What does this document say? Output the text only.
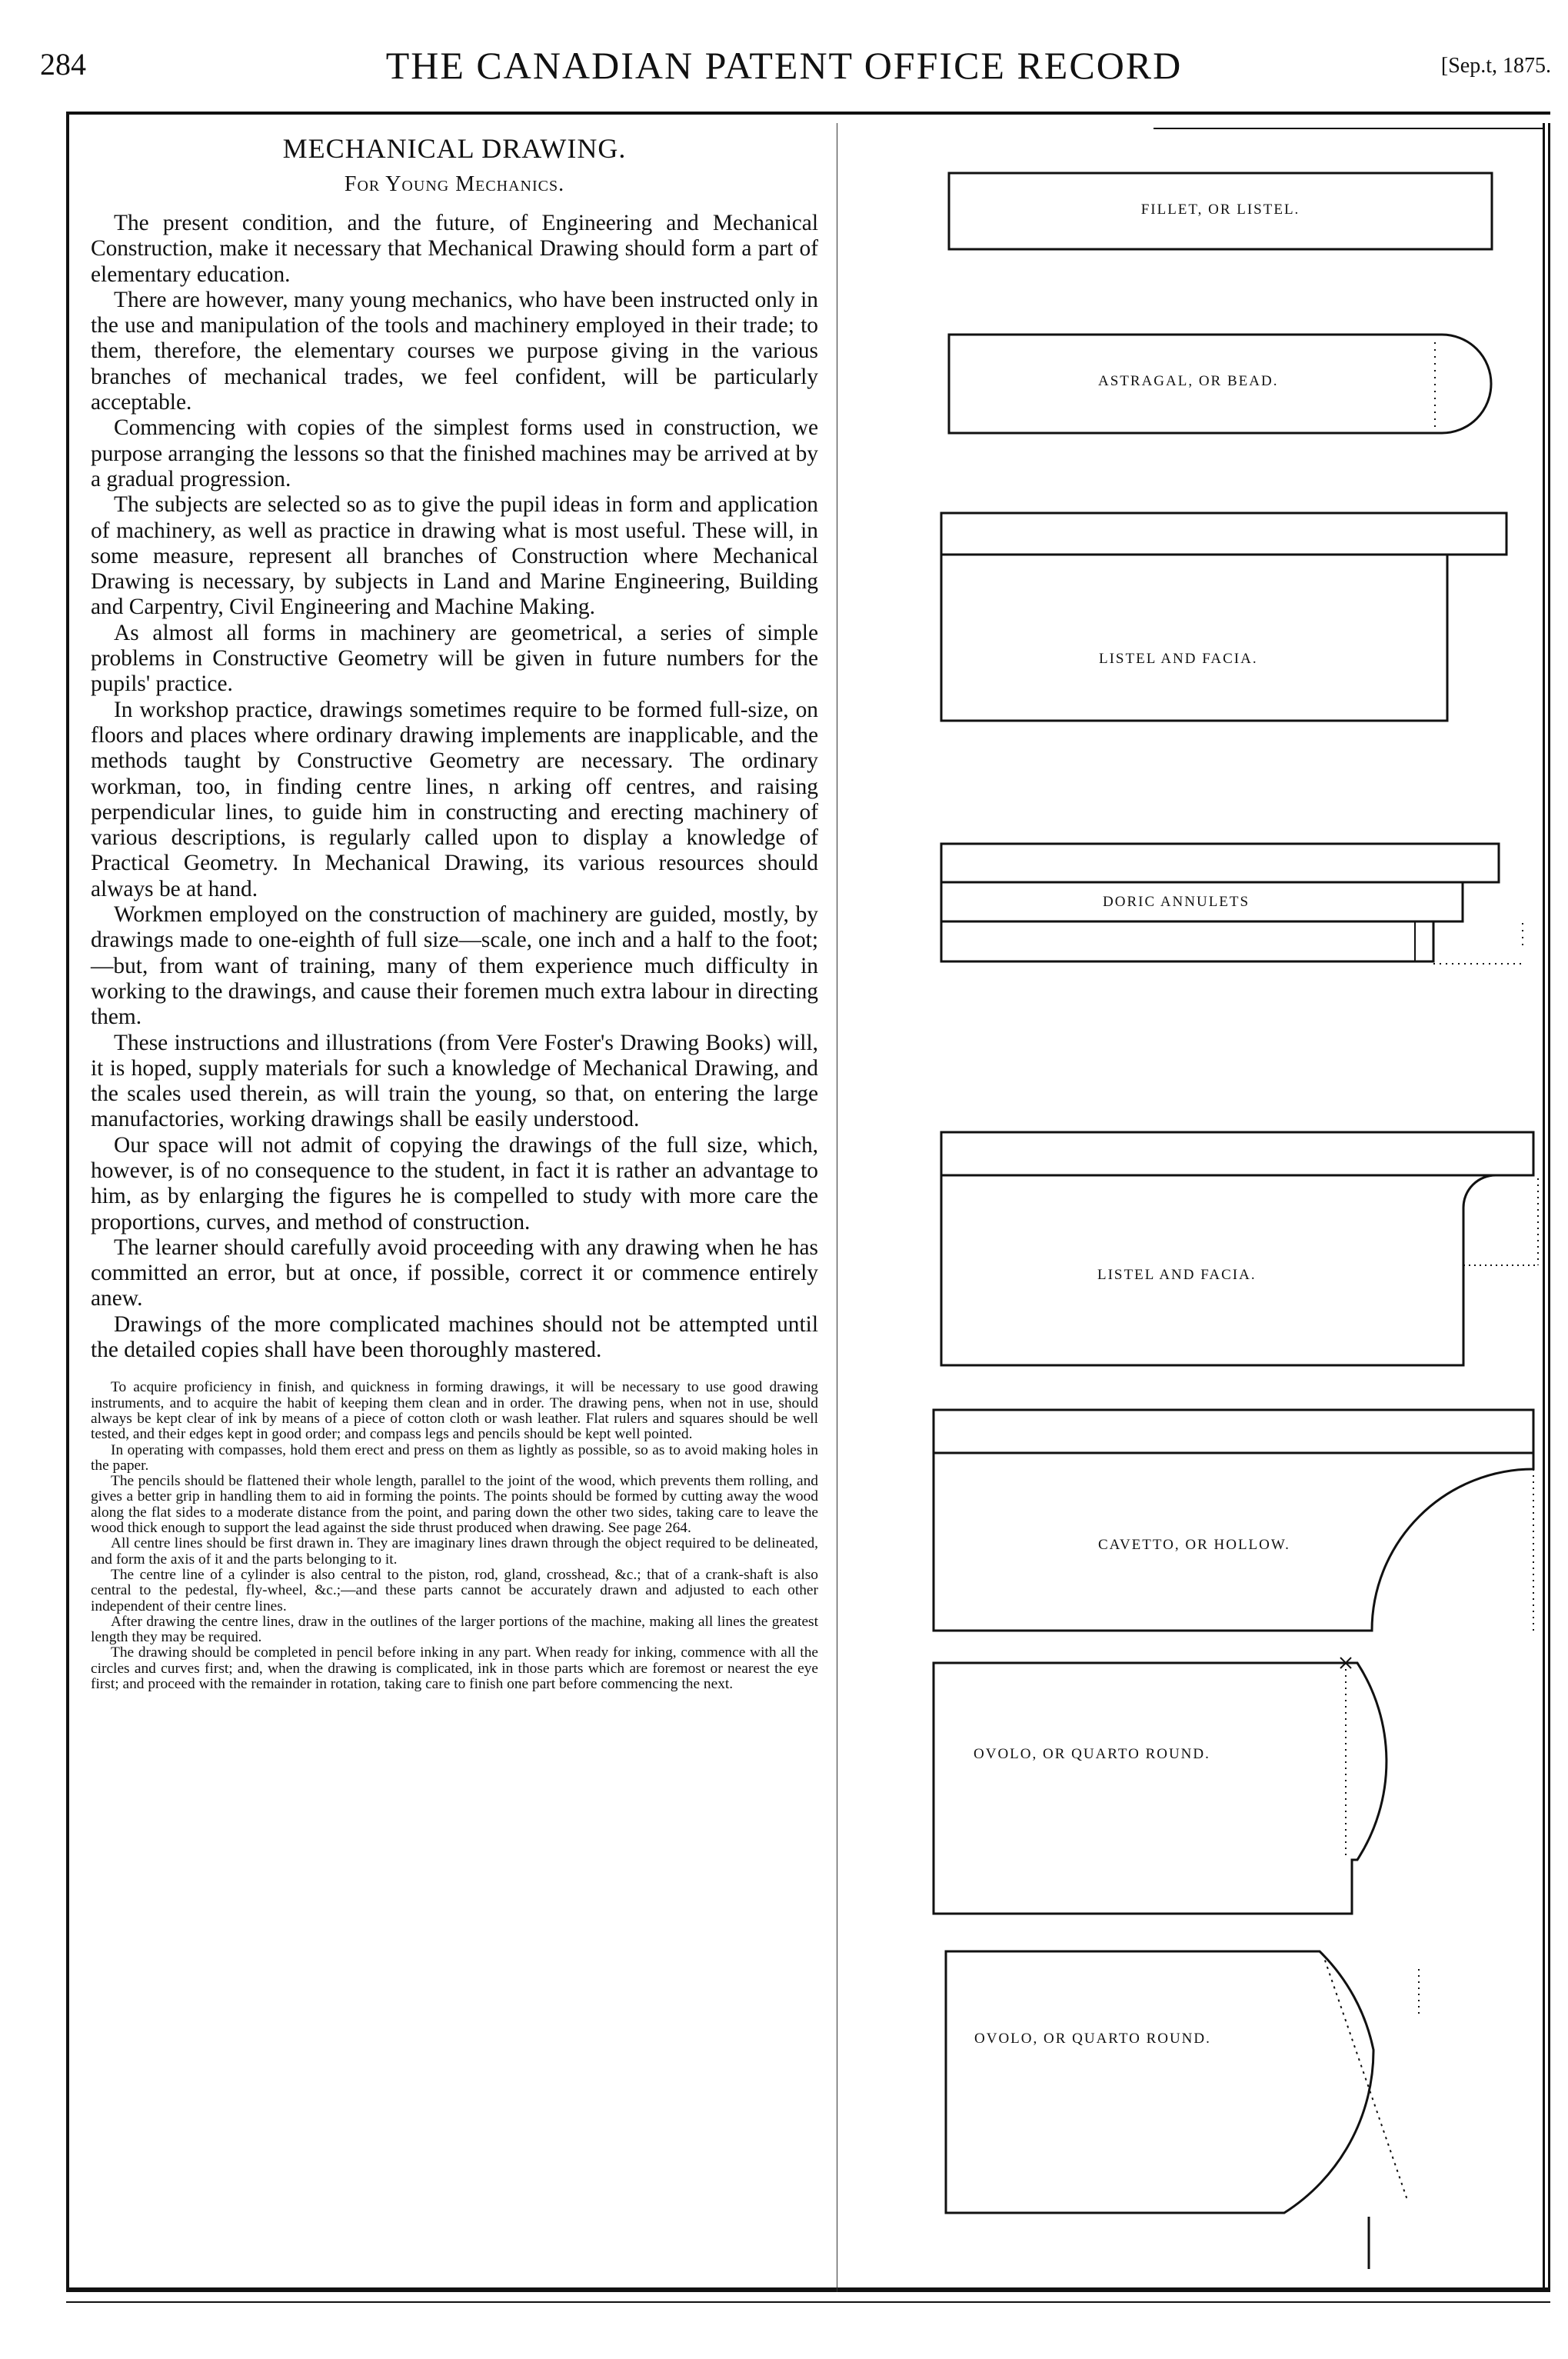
284	THE CANADIAN PATENT OFFICE RECORD	[Sep.t, 1875.
MECHANICAL DRAWING.
For Young Mechanics.

The present condition, and the future, of Engineering and Mechanical Construction, make it necessary that Mechanical Drawing should form a part of elementary education.

There are however, many young mechanics, who have been instructed only in the use and manipulation of the tools and machinery employed in their trade; to them, therefore, the elementary courses we purpose giving in the various branches of mechanical trades, we feel confident, will be particularly acceptable.

Commencing with copies of the simplest forms used in construction, we purpose arranging the lessons so that the finished machines may be arrived at by a gradual progression.

The subjects are selected so as to give the pupil ideas in form and application of machinery, as well as practice in drawing what is most useful. These will, in some measure, represent all branches of Construction where Mechanical Drawing is necessary, by subjects in Land and Marine Engineering, Building and Carpentry, Civil Engineering and Machine Making.

As almost all forms in machinery are geometrical, a series of simple problems in Constructive Geometry will be given in future numbers for the pupils' practice.

In workshop practice, drawings sometimes require to be formed full-size, on floors and places where ordinary drawing implements are inapplicable, and the methods taught by Constructive Geometry are necessary. The ordinary workman, too, in finding centre lines, n arking off centres, and raising perpendicular lines, to guide him in constructing and erecting machinery of various descriptions, is regularly called upon to display a knowledge of Practical Geometry. In Mechanical Drawing, its various resources should always be at hand.

Workmen employed on the construction of machinery are guided, mostly, by drawings made to one-eighth of full size—scale, one inch and a half to the foot;—but, from want of training, many of them experience much difficulty in working to the drawings, and cause their foremen much extra labour in directing them.

These instructions and illustrations (from Vere Foster's Drawing Books) will, it is hoped, supply materials for such a knowledge of Mechanical Drawing, and the scales used therein, as will train the young, so that, on entering the large manufactories, working drawings shall be easily understood.

Our space will not admit of copying the drawings of the full size, which, however, is of no consequence to the student, in fact it is rather an advantage to him, as by enlarging the figures he is compelled to study with more care the proportions, curves, and method of construction.

The learner should carefully avoid proceeding with any drawing when he has committed an error, but at once, if possible, correct it or commence entirely anew.

Drawings of the more complicated machines should not be attempted until the detailed copies shall have been thoroughly mastered.

To acquire proficiency in finish, and quickness in forming drawings, it will be necessary to use good drawing instruments, and to acquire the habit of keeping them clean and in order. The drawing pens, when not in use, should always be kept clear of ink by means of a piece of cotton cloth or wash leather. Flat rulers and squares should be well tested, and their edges kept in good order; and compass legs and pencils should be kept well pointed.

In operating with compasses, hold them erect and press on them as lightly as possible, so as to avoid making holes in the paper.

The pencils should be flattened their whole length, parallel to the joint of the wood, which prevents them rolling, and gives a better grip in handling them to aid in forming the points. The points should be formed by cutting away the wood along the flat sides to a moderate distance from the point, and paring down the other two sides, taking care to leave the wood thick enough to support the lead against the side thrust produced when drawing. See page 264.

All centre lines should be first drawn in. They are imaginary lines drawn through the object required to be delineated, and form the axis of it and the parts belonging to it.

The centre line of a cylinder is also central to the piston, rod, gland, crosshead, &c.; that of a crank-shaft is also central to the pedestal, fly-wheel, &c.;—and these parts cannot be accurately drawn and adjusted to each other independent of their centre lines.

After drawing the centre lines, draw in the outlines of the larger portions of the machine, making all lines the greatest length they may be required.

The drawing should be completed in pencil before inking in any part. When ready for inking, commence with all the circles and curves first; and, when the drawing is complicated, ink in those parts which are foremost or nearest the eye first; and proceed with the remainder in rotation, taking care to finish one part before commencing the next.

FILLET, OR LISTEL.
ASTRAGAL, OR BEAD.
LISTEL AND FACIA.
DORIC ANNULETS
LISTEL AND FACIA.
CAVETTO, OR HOLLOW.
OVOLO, OR QUARTO ROUND.
OVOLO, OR QUARTO ROUND.
